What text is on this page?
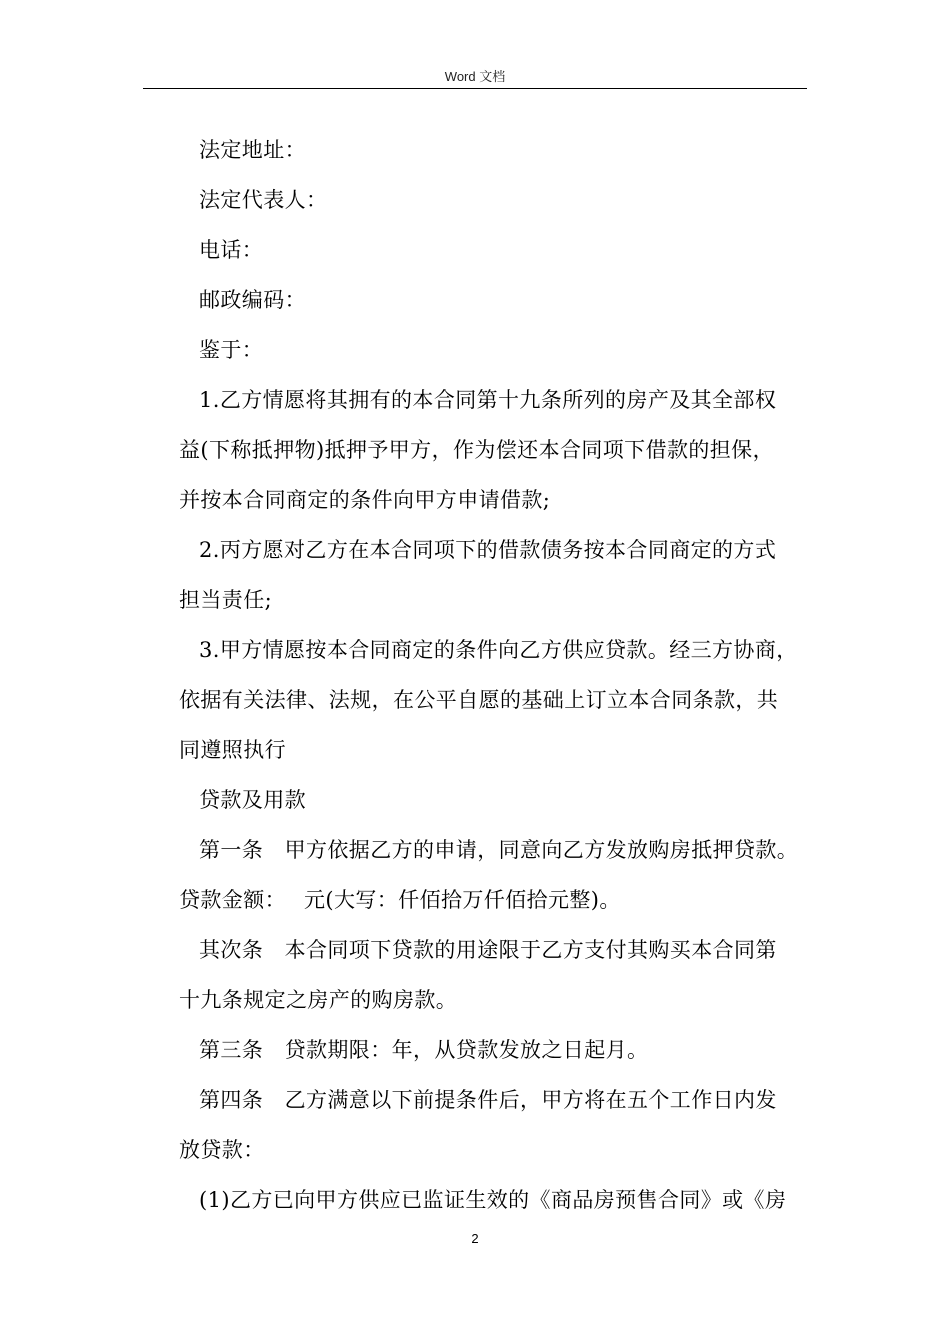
Word 文档
法定地址：
法定代表人：
电话：
邮政编码：
鉴于：
1.乙方情愿将其拥有的本合同第十九条所列的房产及其全部权
益(下称抵押物)抵押予甲方，作为偿还本合同项下借款的担保，
并按本合同商定的条件向甲方申请借款;
2.丙方愿对乙方在本合同项下的借款债务按本合同商定的方式
担当责任;
3.甲方情愿按本合同商定的条件向乙方供应贷款。经三方协商，
依据有关法律、法规，在公平自愿的基础上订立本合同条款，共
同遵照执行
贷款及用款
第一条　甲方依据乙方的申请，同意向乙方发放购房抵押贷款。
贷款金额：　 元(大写：仟佰拾万仟佰拾元整)。
其次条　本合同项下贷款的用途限于乙方支付其购买本合同第
十九条规定之房产的购房款。
第三条　贷款期限：年，从贷款发放之日起月。
第四条　乙方满意以下前提条件后，甲方将在五个工作日内发
放贷款：
(1)乙方已向甲方供应已监证生效的《商品房预售合同》或《房
2
